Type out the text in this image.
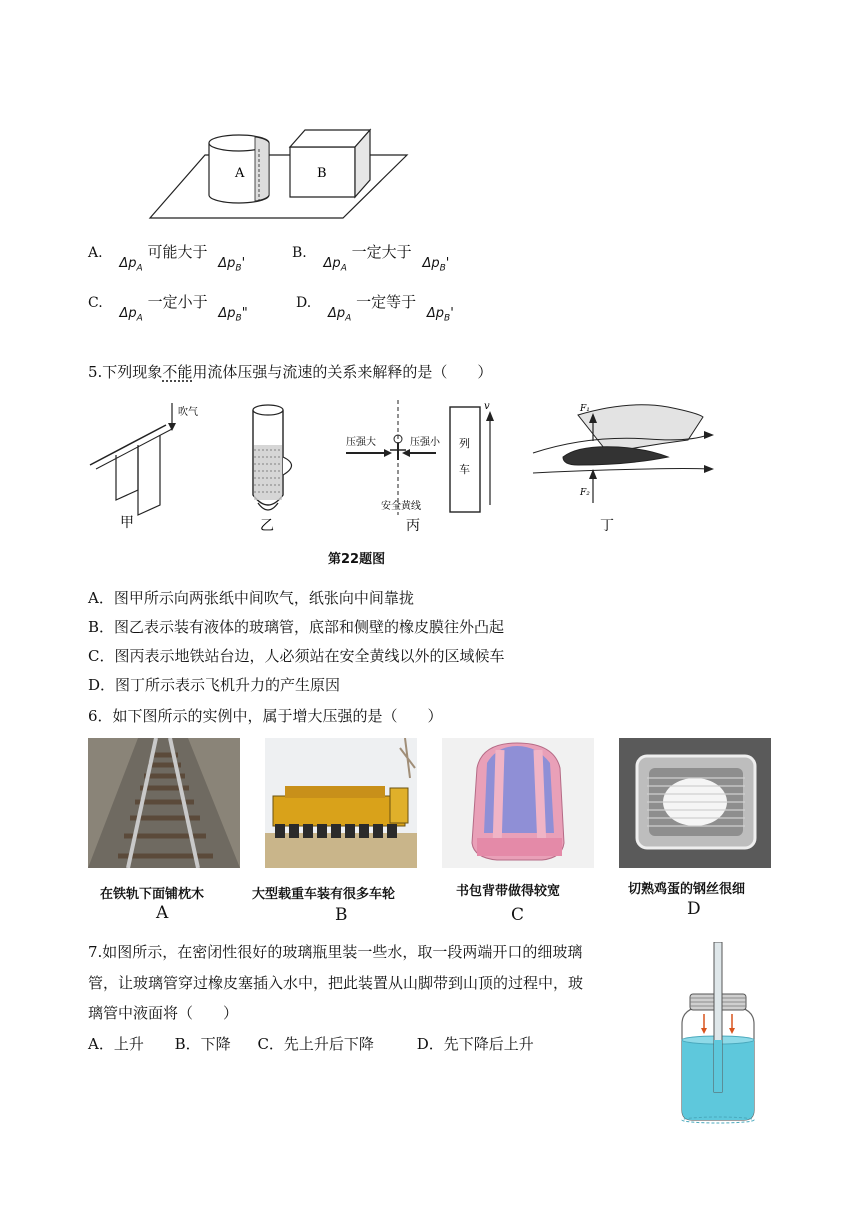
A	B
A. $\Delta p_A$ 可能大于 $\Delta p_B'$
B. $\Delta p_A$ 一定大于 $\Delta p_B'$
C. $\Delta p_A$ 一定小于 $\Delta p_B$"
D. $\Delta p_A$ 一定等于 $\Delta p_B'$
5.下列现象不能用流体压强与流速的关系来解释的是（　　）
吹气
甲	乙
压强大	压强小 列
车
v
安全黄线
丙
F₁
F₂
丁
第22题图
A．图甲所示向两张纸中间吹气，纸张向中间靠拢
B．图乙表示装有液体的玻璃管，底部和侧壁的橡皮膜往外凸起
C．图丙表示地铁站台边，人必须站在安全黄线以外的区域候车
D．图丁所示表示飞机升力的产生原因
6．如下图所示的实例中，属于增大压强的是（　　）
在铁轨下面铺枕木
A
大型载重车装有很多车轮
B
书包背带做得较宽
C
切熟鸡蛋的钢丝很细
D
7.如图所示，在密闭性很好的玻璃瓶里装一些水，取一段两端开口的细玻璃
管，让玻璃管穿过橡皮塞插入水中，把此装置从山脚带到山顶的过程中，玻
璃管中液面将（　　）
A．上升 B．下降 C．先上升后下降	D．先下降后上升
